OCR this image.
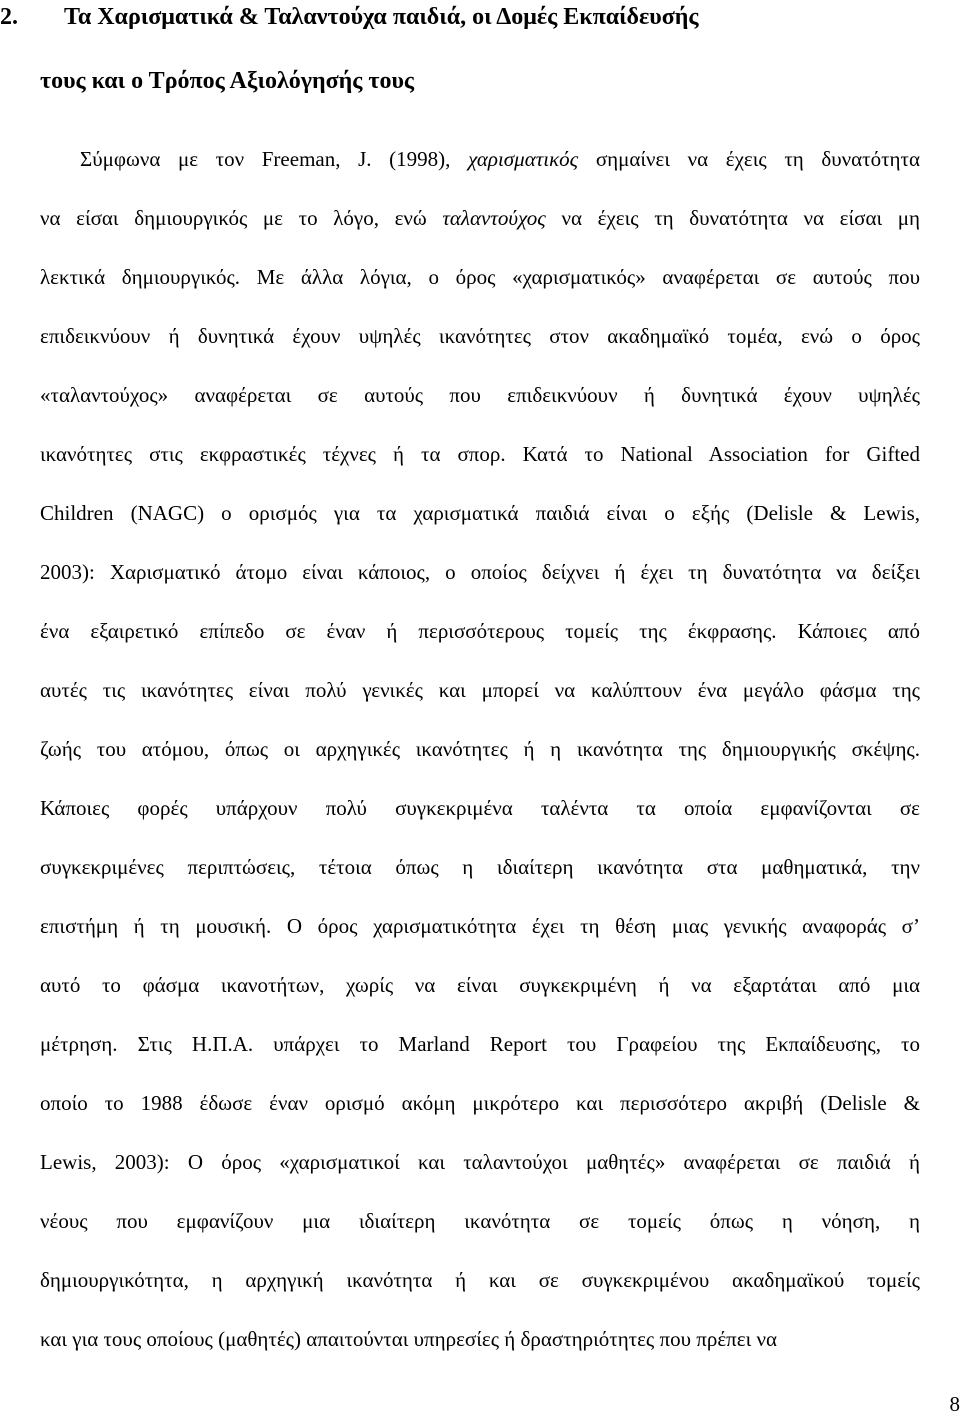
2. Τα Χαρισματικά & Ταλαντούχα παιδιά, οι Δομές Εκπαίδευσής
τους και ο Τρόπος Αξιολόγησής τους
Σύμφωνα με τον Freeman, J. (1998), χαρισματικός σημαίνει να έχεις τη δυνατότητα
να είσαι δημιουργικός με το λόγο, ενώ ταλαντούχος να έχεις τη δυνατότητα να είσαι μη
λεκτικά δημιουργικός. Με άλλα λόγια, ο όρος «χαρισματικός» αναφέρεται σε αυτούς που
επιδεικνύουν ή δυνητικά έχουν υψηλές ικανότητες στον ακαδημαϊκό τομέα, ενώ ο όρος
«ταλαντούχος» αναφέρεται σε αυτούς που επιδεικνύουν ή δυνητικά έχουν υψηλές
ικανότητες στις εκφραστικές τέχνες ή τα σπορ. Κατά το National Association for Gifted
Children (NAGC) ο ορισμός για τα χαρισματικά παιδιά είναι ο εξής (Delisle & Lewis,
2003): Χαρισματικό άτομο είναι κάποιος, ο οποίος δείχνει ή έχει τη δυνατότητα να δείξει
ένα εξαιρετικό επίπεδο σε έναν ή περισσότερους τομείς της έκφρασης. Κάποιες από
αυτές τις ικανότητες είναι πολύ γενικές και μπορεί να καλύπτουν ένα μεγάλο φάσμα της
ζωής του ατόμου, όπως οι αρχηγικές ικανότητες ή η ικανότητα της δημιουργικής σκέψης.
Κάποιες φορές υπάρχουν πολύ συγκεκριμένα ταλέντα τα οποία εμφανίζονται σε
συγκεκριμένες περιπτώσεις, τέτοια όπως η ιδιαίτερη ικανότητα στα μαθηματικά, την
επιστήμη ή τη μουσική. Ο όρος χαρισματικότητα έχει τη θέση μιας γενικής αναφοράς σ’
αυτό το φάσμα ικανοτήτων, χωρίς να είναι συγκεκριμένη ή να εξαρτάται από μια
μέτρηση. Στις Η.Π.Α. υπάρχει το Marland Report του Γραφείου της Εκπαίδευσης, το
οποίο το 1988 έδωσε έναν ορισμό ακόμη μικρότερο και περισσότερο ακριβή (Delisle &
Lewis, 2003): Ο όρος «χαρισματικοί και ταλαντούχοι μαθητές» αναφέρεται σε παιδιά ή
νέους που εμφανίζουν μια ιδιαίτερη ικανότητα σε τομείς όπως η νόηση, η
δημιουργικότητα, η αρχηγική ικανότητα ή και σε συγκεκριμένου ακαδημαϊκού τομείς
και για τους οποίους (μαθητές) απαιτούνται υπηρεσίες ή δραστηριότητες που πρέπει να
8
